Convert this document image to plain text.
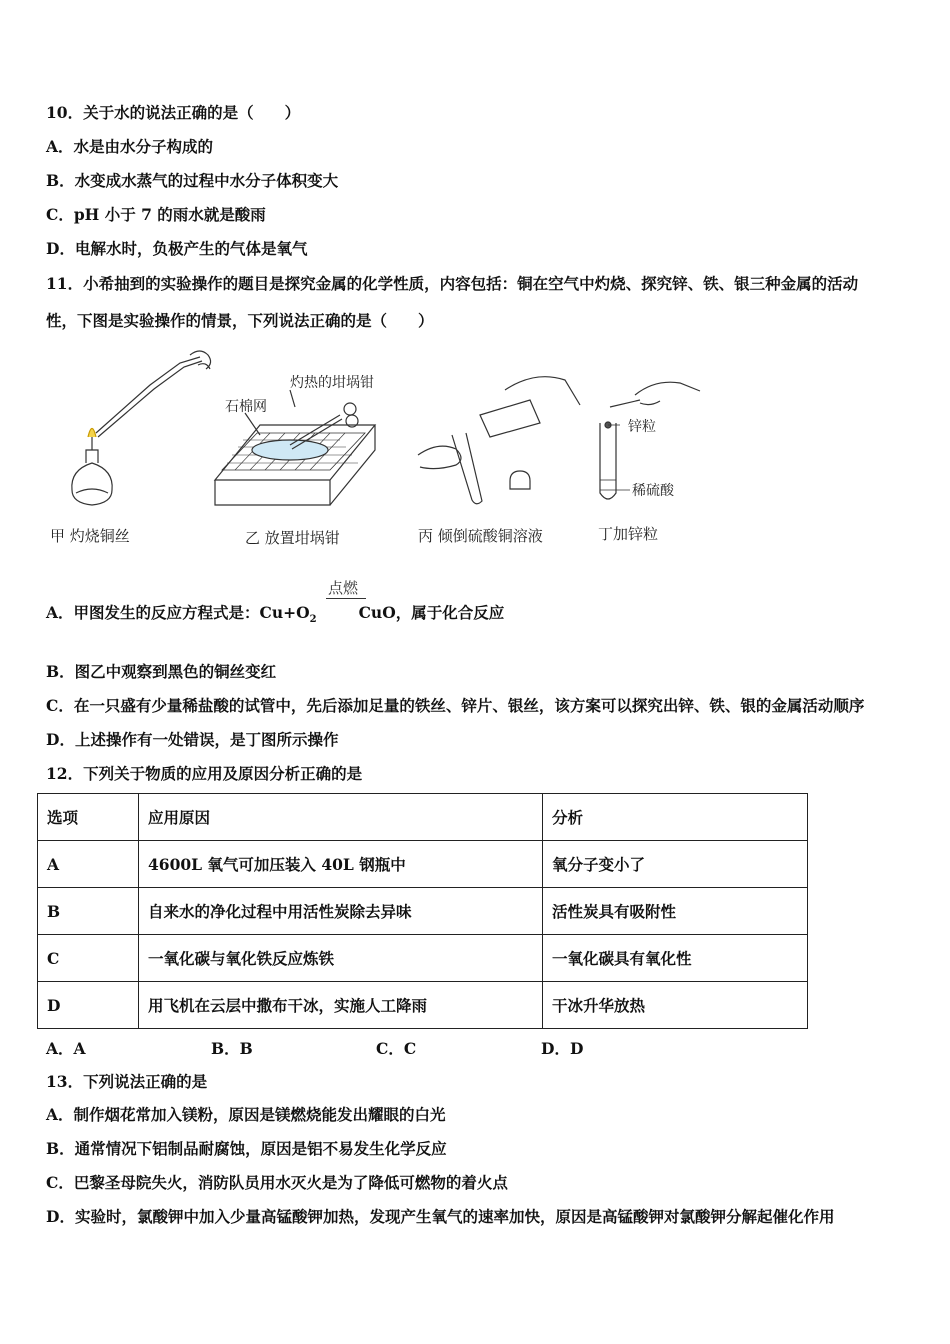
10．关于水的说法正确的是（　　）
A．水是由水分子构成的
B．水变成水蒸气的过程中水分子体积变大
C．pH 小于 7 的雨水就是酸雨
D．电解水时，负极产生的气体是氧气
11．小希抽到的实验操作的题目是探究金属的化学性质，内容包括：铜在空气中灼烧、探究锌、铁、银三种金属的活动
性，下图是实验操作的情景，下列说法正确的是（　　）
灼热的坩埚钳
石棉网
锌粒
稀硫酸
甲 灼烧铜丝	乙 放置坩埚钳	丙 倾倒硫酸铜溶液	丁加锌粒
A．甲图发生的反应方程式是：$Cu+O_2$	CuO，属于化合反应
点燃
B．图乙中观察到黑色的铜丝变红
C．在一只盛有少量稀盐酸的试管中，先后添加足量的铁丝、锌片、银丝，该方案可以探究出锌、铁、银的金属活动顺序
D．上述操作有一处错误，是丁图所示操作
12．下列关于物质的应用及原因分析正确的是
选项	应用原因	分析
A	4600L 氧气可加压装入 40L 钢瓶中	氧分子变小了
B	自来水的净化过程中用活性炭除去异味	活性炭具有吸附性
C	一氧化碳与氧化铁反应炼铁	一氧化碳具有氧化性
D	用飞机在云层中撒布干冰，实施人工降雨	干冰升华放热
A．A	B．B	C．C	D．D
13．下列说法正确的是
A．制作烟花常加入镁粉，原因是镁燃烧能发出耀眼的白光
B．通常情况下铝制品耐腐蚀，原因是铝不易发生化学反应
C．巴黎圣母院失火，消防队员用水灭火是为了降低可燃物的着火点
D．实验时，氯酸钾中加入少量高锰酸钾加热，发现产生氧气的速率加快，原因是高锰酸钾对氯酸钾分解起催化作用
